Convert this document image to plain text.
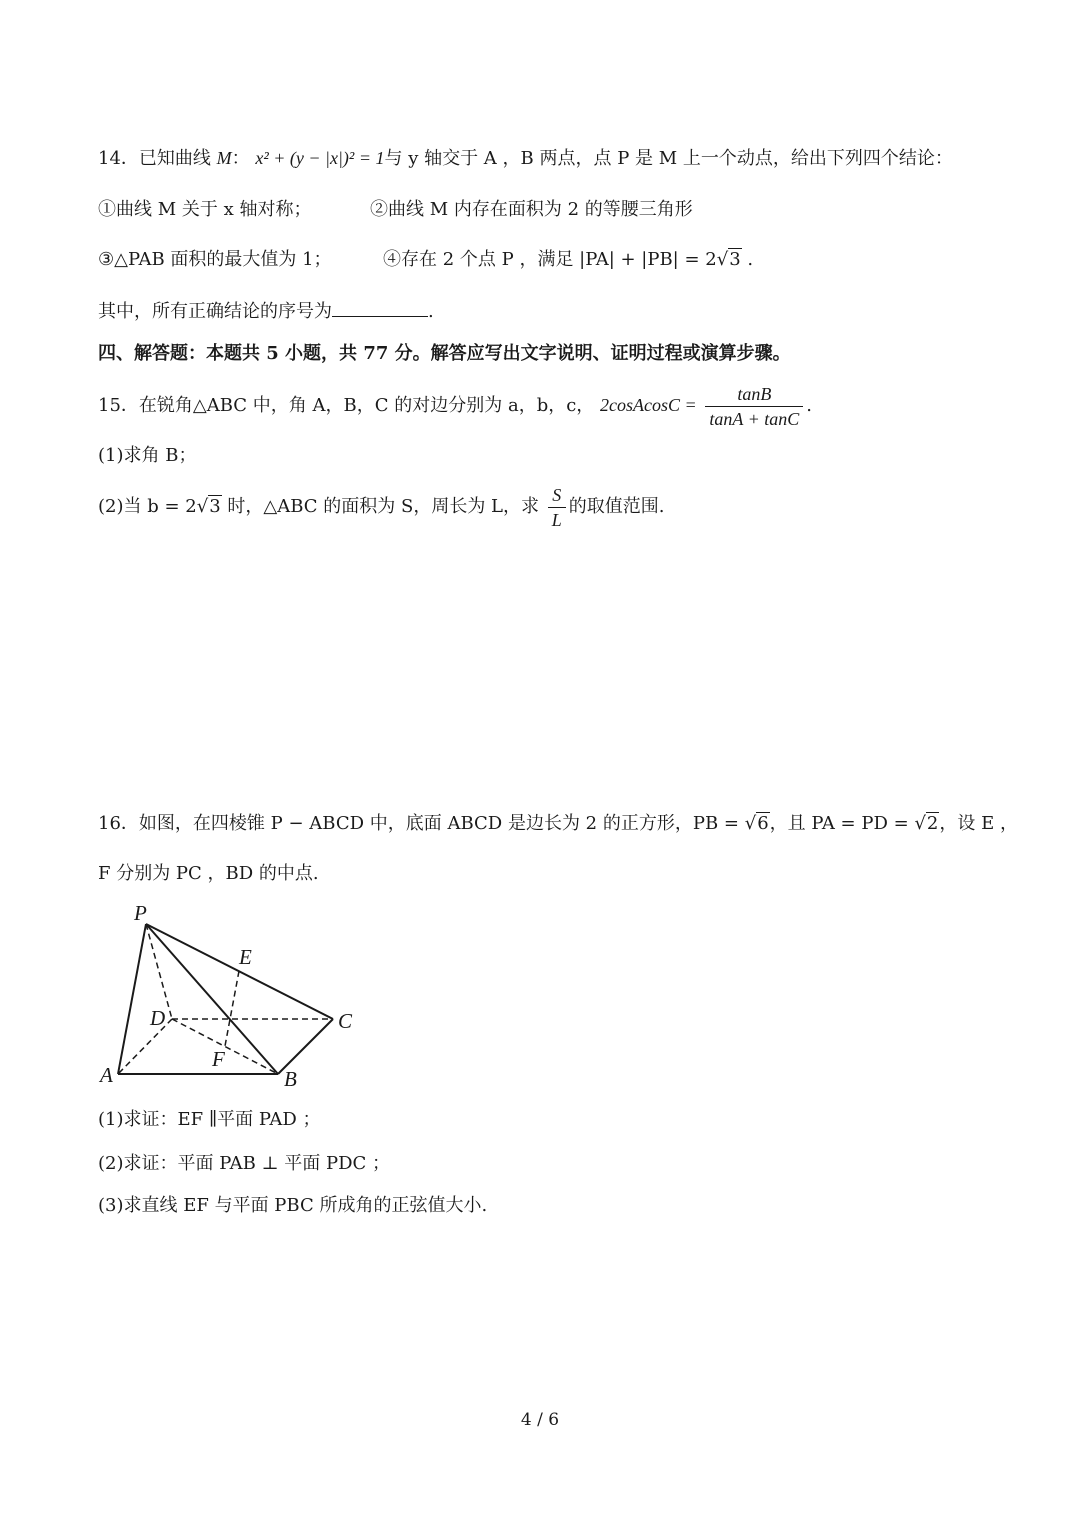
14．已知曲线 M： x² + (y − |x|)² = 1与 y 轴交于 A ，B 两点，点 P 是 M 上一个动点，给出下列四个结论：
①曲线 M 关于 x 轴对称；	②曲线 M 内存在面积为 2 的等腰三角形
③△PAB 面积的最大值为 1；	④存在 2 个点 P ，满足 |PA| + |PB| = 2√3 .
其中，所有正确结论的序号为	.
四、解答题：本题共 5 小题，共 77 分。解答应写出文字说明、证明过程或演算步骤。
15．在锐角△ABC 中，角 A，B，C 的对边分别为 a，b，c， 2cosAcosC = $\frac{\tan B}{\tan A + \tan C}$ .
(1)求角 B；
(2)当 b = 2√3 时，△ABC 的面积为 S，周长为 L，求 $\frac{S}{L}$ 的取值范围.
16．如图，在四棱锥 P − ABCD 中，底面 ABCD 是边长为 2 的正方形，PB = √6，且 PA = PD = √2，设 E ，
F 分别为 PC ，BD 的中点.
P
E
D	C
F
A	B
(1)求证：EF ∥平面 PAD ；
(2)求证：平面 PAB ⊥ 平面 PDC ；
(3)求直线 EF 与平面 PBC 所成角的正弦值大小.
4 / 6
